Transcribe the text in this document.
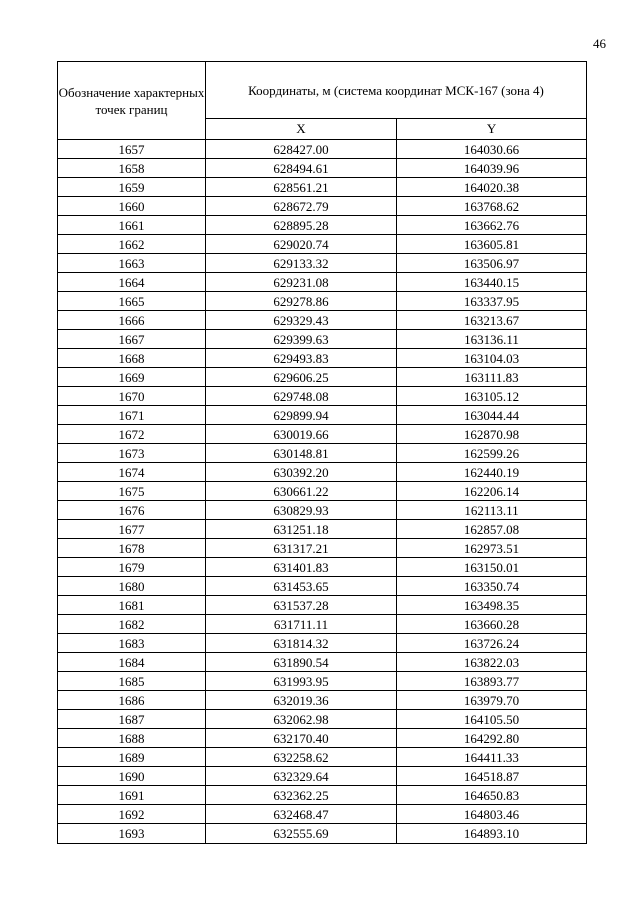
46
Обозначение характерных точек границ	Координаты, м (система координат МСК-167 (зона 4)	
	X	Y
1657	628427.00	164030.66
1658	628494.61	164039.96
1659	628561.21	164020.38
1660	628672.79	163768.62
1661	628895.28	163662.76
1662	629020.74	163605.81
1663	629133.32	163506.97
1664	629231.08	163440.15
1665	629278.86	163337.95
1666	629329.43	163213.67
1667	629399.63	163136.11
1668	629493.83	163104.03
1669	629606.25	163111.83
1670	629748.08	163105.12
1671	629899.94	163044.44
1672	630019.66	162870.98
1673	630148.81	162599.26
1674	630392.20	162440.19
1675	630661.22	162206.14
1676	630829.93	162113.11
1677	631251.18	162857.08
1678	631317.21	162973.51
1679	631401.83	163150.01
1680	631453.65	163350.74
1681	631537.28	163498.35
1682	631711.11	163660.28
1683	631814.32	163726.24
1684	631890.54	163822.03
1685	631993.95	163893.77
1686	632019.36	163979.70
1687	632062.98	164105.50
1688	632170.40	164292.80
1689	632258.62	164411.33
1690	632329.64	164518.87
1691	632362.25	164650.83
1692	632468.47	164803.46
1693	632555.69	164893.10
